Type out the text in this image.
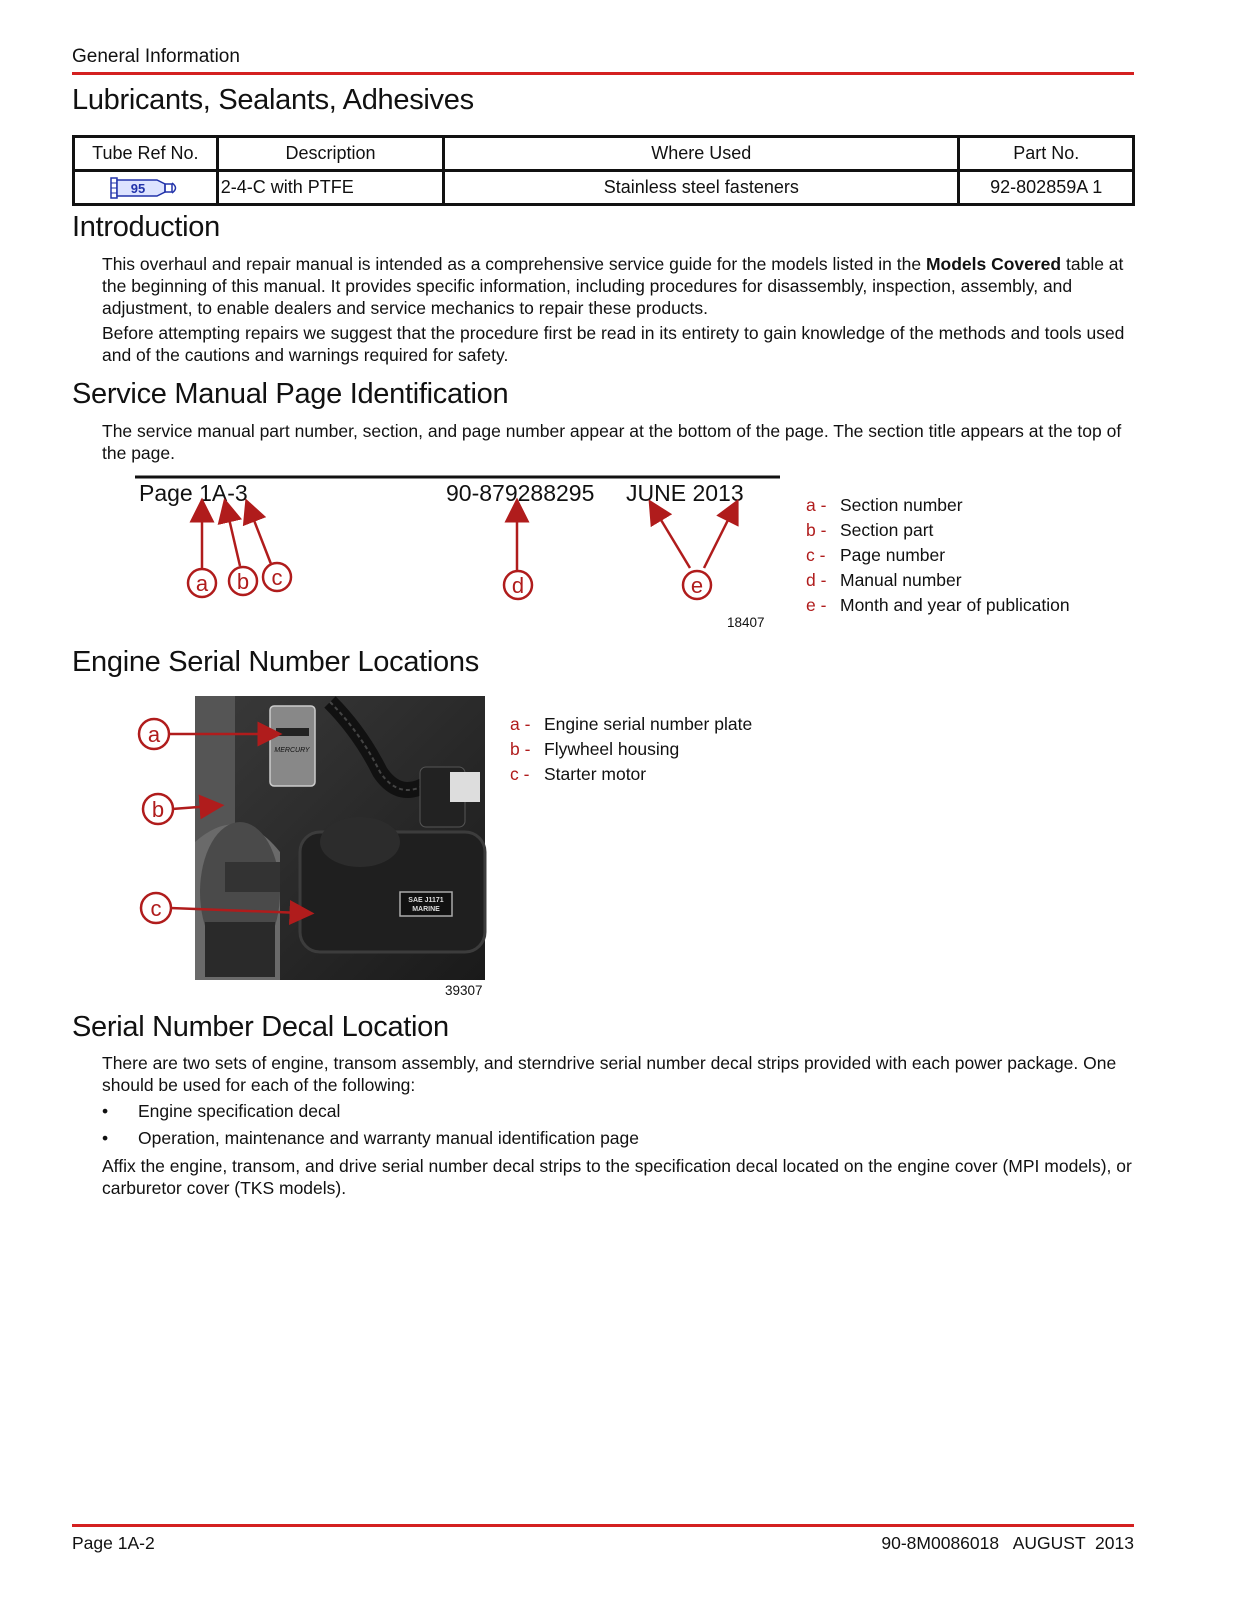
General Information
Lubricants, Sealants, Adhesives
Tube Ref No.	Description	Where Used	Part No.

95	2-4-C with PTFE	Stainless steel fasteners	92-802859A 1
Introduction
This overhaul and repair manual is intended as a comprehensive service guide for the models listed in the Models Covered table at the beginning of this manual. It provides specific information, including procedures for disassembly, inspection, assembly, and adjustment, to enable dealers and service mechanics to repair these products.
Before attempting repairs we suggest that the procedure first be read in its entirety to gain knowledge of the methods and tools used and of the cautions and warnings required for safety.
Service Manual Page Identification
The service manual part number, section, and page number appear at the bottom of the page. The section title appears at the top of the page.
Page 1A-3	90-879288295 JUNE 2013
a b c	d	e
18407
a - Section number
b - Section part
c - Page number
d - Manual number
e - Month and year of publication
Engine Serial Number Locations
MERCURY
SAE J1171
MARINE
a
b
c
39307
a - Engine serial number plate
b - Flywheel housing
c - Starter motor
Serial Number Decal Location
There are two sets of engine, transom assembly, and sterndrive serial number decal strips provided with each power package. One should be used for each of the following:
• Engine specification decal
• Operation, maintenance and warranty manual identification page
Affix the engine, transom, and drive serial number decal strips to the specification decal located on the engine cover (MPI models), or carburetor cover (TKS models).
Page 1A-2	90-8M0086018   AUGUST  2013
